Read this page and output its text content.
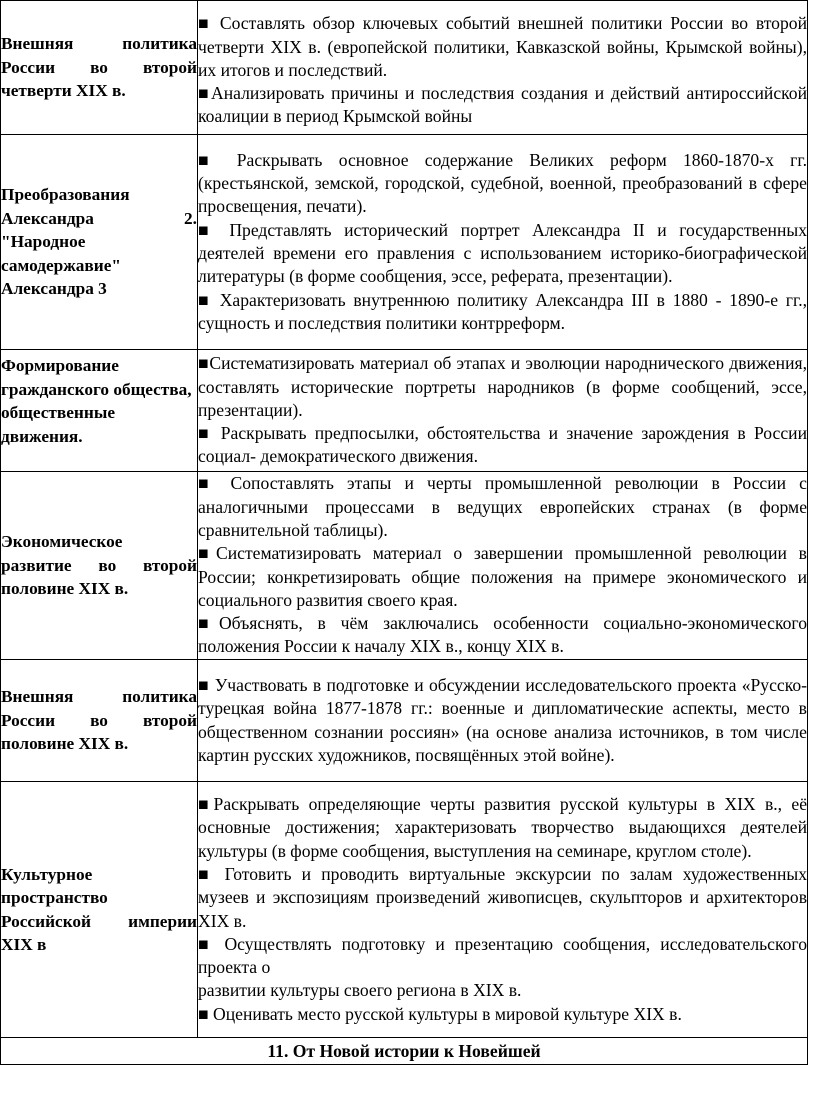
Внешняя политика России во второй четверти XIX в.	■ Составлять обзор ключевых событий внешней политики России во второй четверти XIX в. (европейской политики, Кавказской войны, Крымской войны), их итогов и последствий.

■Анализировать причины и последствия создания и действий антироссийской коалиции в период Крымской войны

Преобразования Александра 2. "Народное самодержавие" Александра 3	■ Раскрывать основное содержание Великих реформ 1860-1870-х гг. (крестьянской, земской, городской, судебной, военной, преобразований в сфере просвещения, печати).

■ Представлять исторический портрет Александра II и государственных деятелей времени его правления с использованием историко-биографической литературы (в форме сообщения, эссе, реферата, презентации).

■ Характеризовать внутреннюю политику Александра III в 1880 - 1890-е гг., сущность и последствия политики контрреформ.

Формирование гражданского общества, общественные движения.	■Систематизировать материал об этапах и эволюции народнического движения, составлять исторические портреты народников (в форме сообщений, эссе, презентации).

■ Раскрывать предпосылки, обстоятельства и значение зарождения в России социал- демократического движения.

Экономическое развитие во второй половине XIX в.	■ Сопоставлять этапы и черты промышленной революции в России с аналогичными процессами в ведущих европейских странах (в форме сравнительной таблицы).

■Систематизировать материал о завершении промышленной революции в России; конкретизировать общие положения на примере экономического и социального развития своего края.

■Объяснять, в чём заключались особенности социально-экономического положения России к началу XIX в., концу XIX в.

Внешняя политика России во второй половине XIX в.	■ Участвовать в подготовке и обсуждении исследовательского проекта «Русско-турецкая война 1877-1878 гг.: военные и дипломатические аспекты, место в общественном сознании россиян» (на основе анализа источников, в том числе картин русских художников, посвящённых этой войне).

Культурное пространство Российской империи XIX в	■Раскрывать определяющие черты развития русской культуры в XIX в., её основные достижения; характеризовать творчество выдающихся деятелей культуры (в форме сообщения, выступления на семинаре, круглом столе).

■ Готовить и проводить виртуальные экскурсии по залам художественных музеев и экспозициям произведений живописцев, скульпторов и архитекторов XIX в.

■ Осуществлять подготовку и презентацию сообщения, исследовательского проекта о

развитии культуры своего региона в XIX в.

■ Оценивать место русской культуры в мировой культуре XIX в.

11. От Новой истории к Новейшей	
